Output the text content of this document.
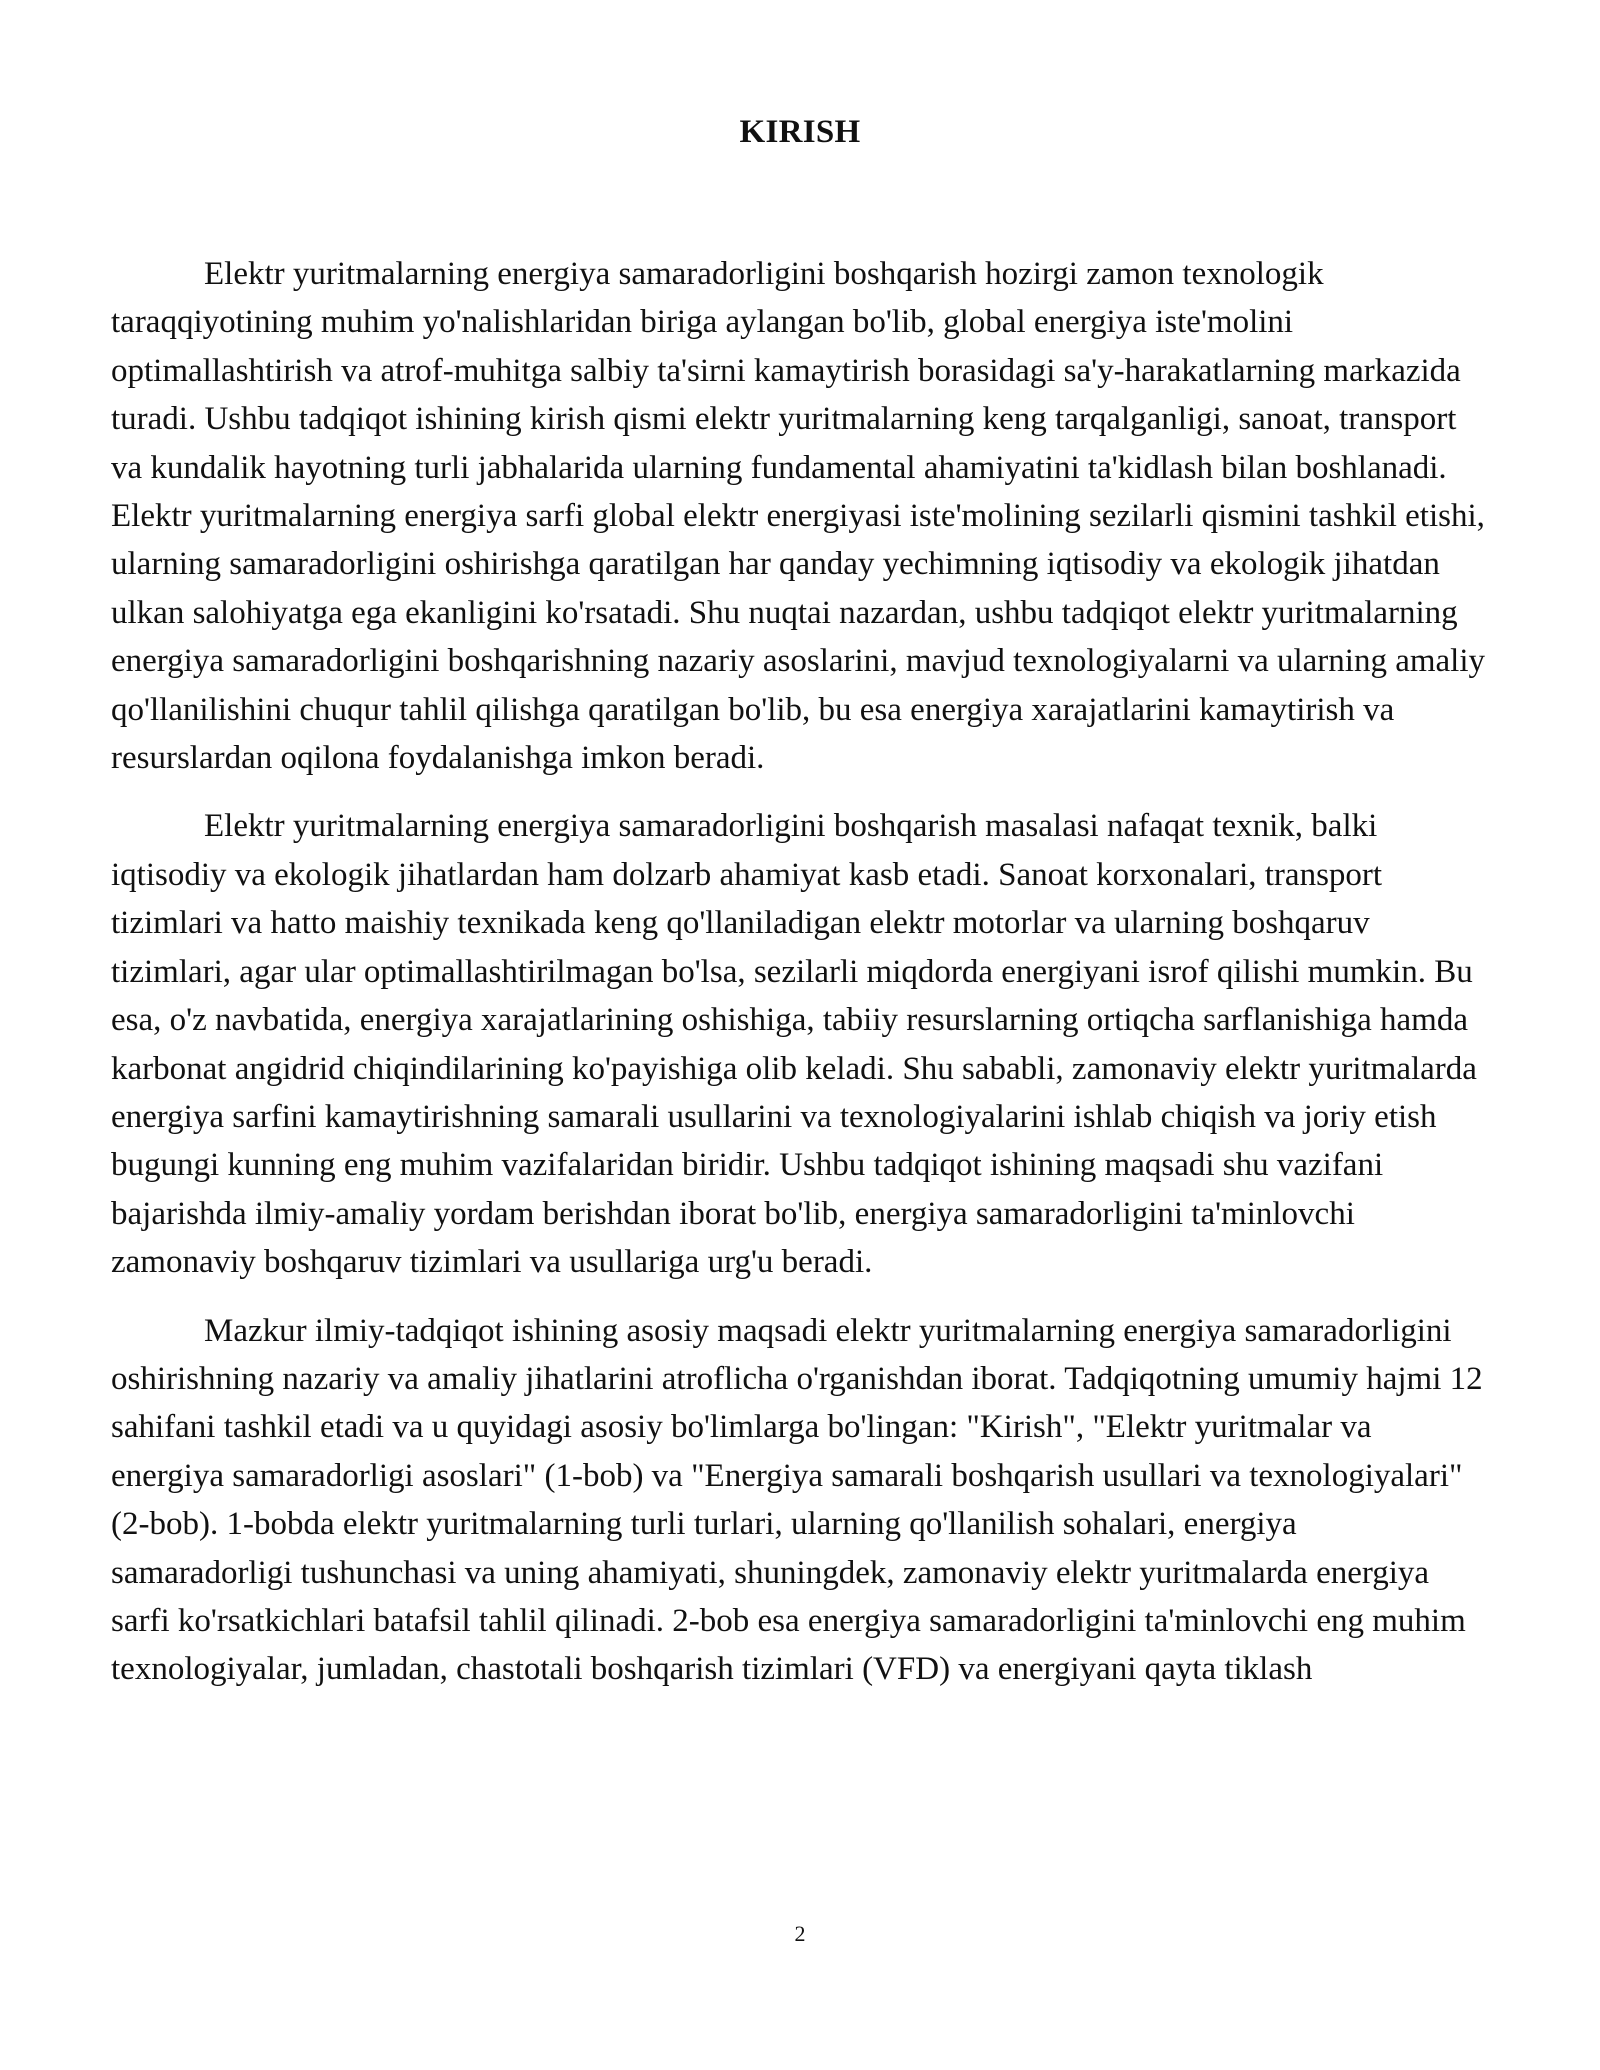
KIRISH

Elektr yuritmalarning energiya samaradorligini boshqarish hozirgi zamon texnologik taraqqiyotining muhim yo'nalishlaridan biriga aylangan bo'lib, global energiya iste'molini optimallashtirish va atrof-muhitga salbiy ta'sirni kamaytirish borasidagi sa'y-harakatlarning markazida turadi. Ushbu tadqiqot ishining kirish qismi elektr yuritmalarning keng tarqalganligi, sanoat, transport va kundalik hayotning turli jabhalarida ularning fundamental ahamiyatini ta'kidlash bilan boshlanadi. Elektr yuritmalarning energiya sarfi global elektr energiyasi iste'molining sezilarli qismini tashkil etishi, ularning samaradorligini oshirishga qaratilgan har qanday yechimning iqtisodiy va ekologik jihatdan ulkan salohiyatga ega ekanligini ko'rsatadi. Shu nuqtai nazardan, ushbu tadqiqot elektr yuritmalarning energiya samaradorligini boshqarishning nazariy asoslarini, mavjud texnologiyalarni va ularning amaliy qo'llanilishini chuqur tahlil qilishga qaratilgan bo'lib, bu esa energiya xarajatlarini kamaytirish va resurslardan oqilona foydalanishga imkon beradi.

Elektr yuritmalarning energiya samaradorligini boshqarish masalasi nafaqat texnik, balki iqtisodiy va ekologik jihatlardan ham dolzarb ahamiyat kasb etadi. Sanoat korxonalari, transport tizimlari va hatto maishiy texnikada keng qo'llaniladigan elektr motorlar va ularning boshqaruv tizimlari, agar ular optimallashtirilmagan bo'lsa, sezilarli miqdorda energiyani isrof qilishi mumkin. Bu esa, o'z navbatida, energiya xarajatlarining oshishiga, tabiiy resurslarning ortiqcha sarflanishiga hamda karbonat angidrid chiqindilarining ko'payishiga olib keladi. Shu sababli, zamonaviy elektr yuritmalarda energiya sarfini kamaytirishning samarali usullarini va texnologiyalarini ishlab chiqish va joriy etish bugungi kunning eng muhim vazifalaridan biridir. Ushbu tadqiqot ishining maqsadi shu vazifani bajarishda ilmiy-amaliy yordam berishdan iborat bo'lib, energiya samaradorligini ta'minlovchi zamonaviy boshqaruv tizimlari va usullariga urg'u beradi.

Mazkur ilmiy-tadqiqot ishining asosiy maqsadi elektr yuritmalarning energiya samaradorligini oshirishning nazariy va amaliy jihatlarini atroflicha o'rganishdan iborat. Tadqiqotning umumiy hajmi 12 sahifani tashkil etadi va u quyidagi asosiy bo'limlarga bo'lingan: "Kirish", "Elektr yuritmalar va energiya samaradorligi asoslari" (1-bob) va "Energiya samarali boshqarish usullari va texnologiyalari" (2-bob). 1-bobda elektr yuritmalarning turli turlari, ularning qo'llanilish sohalari, energiya samaradorligi tushunchasi va uning ahamiyati, shuningdek, zamonaviy elektr yuritmalarda energiya sarfi ko'rsatkichlari batafsil tahlil qilinadi. 2-bob esa energiya samaradorligini ta'minlovchi eng muhim texnologiyalar, jumladan, chastotali boshqarish tizimlari (VFD) va energiyani qayta tiklash

2
